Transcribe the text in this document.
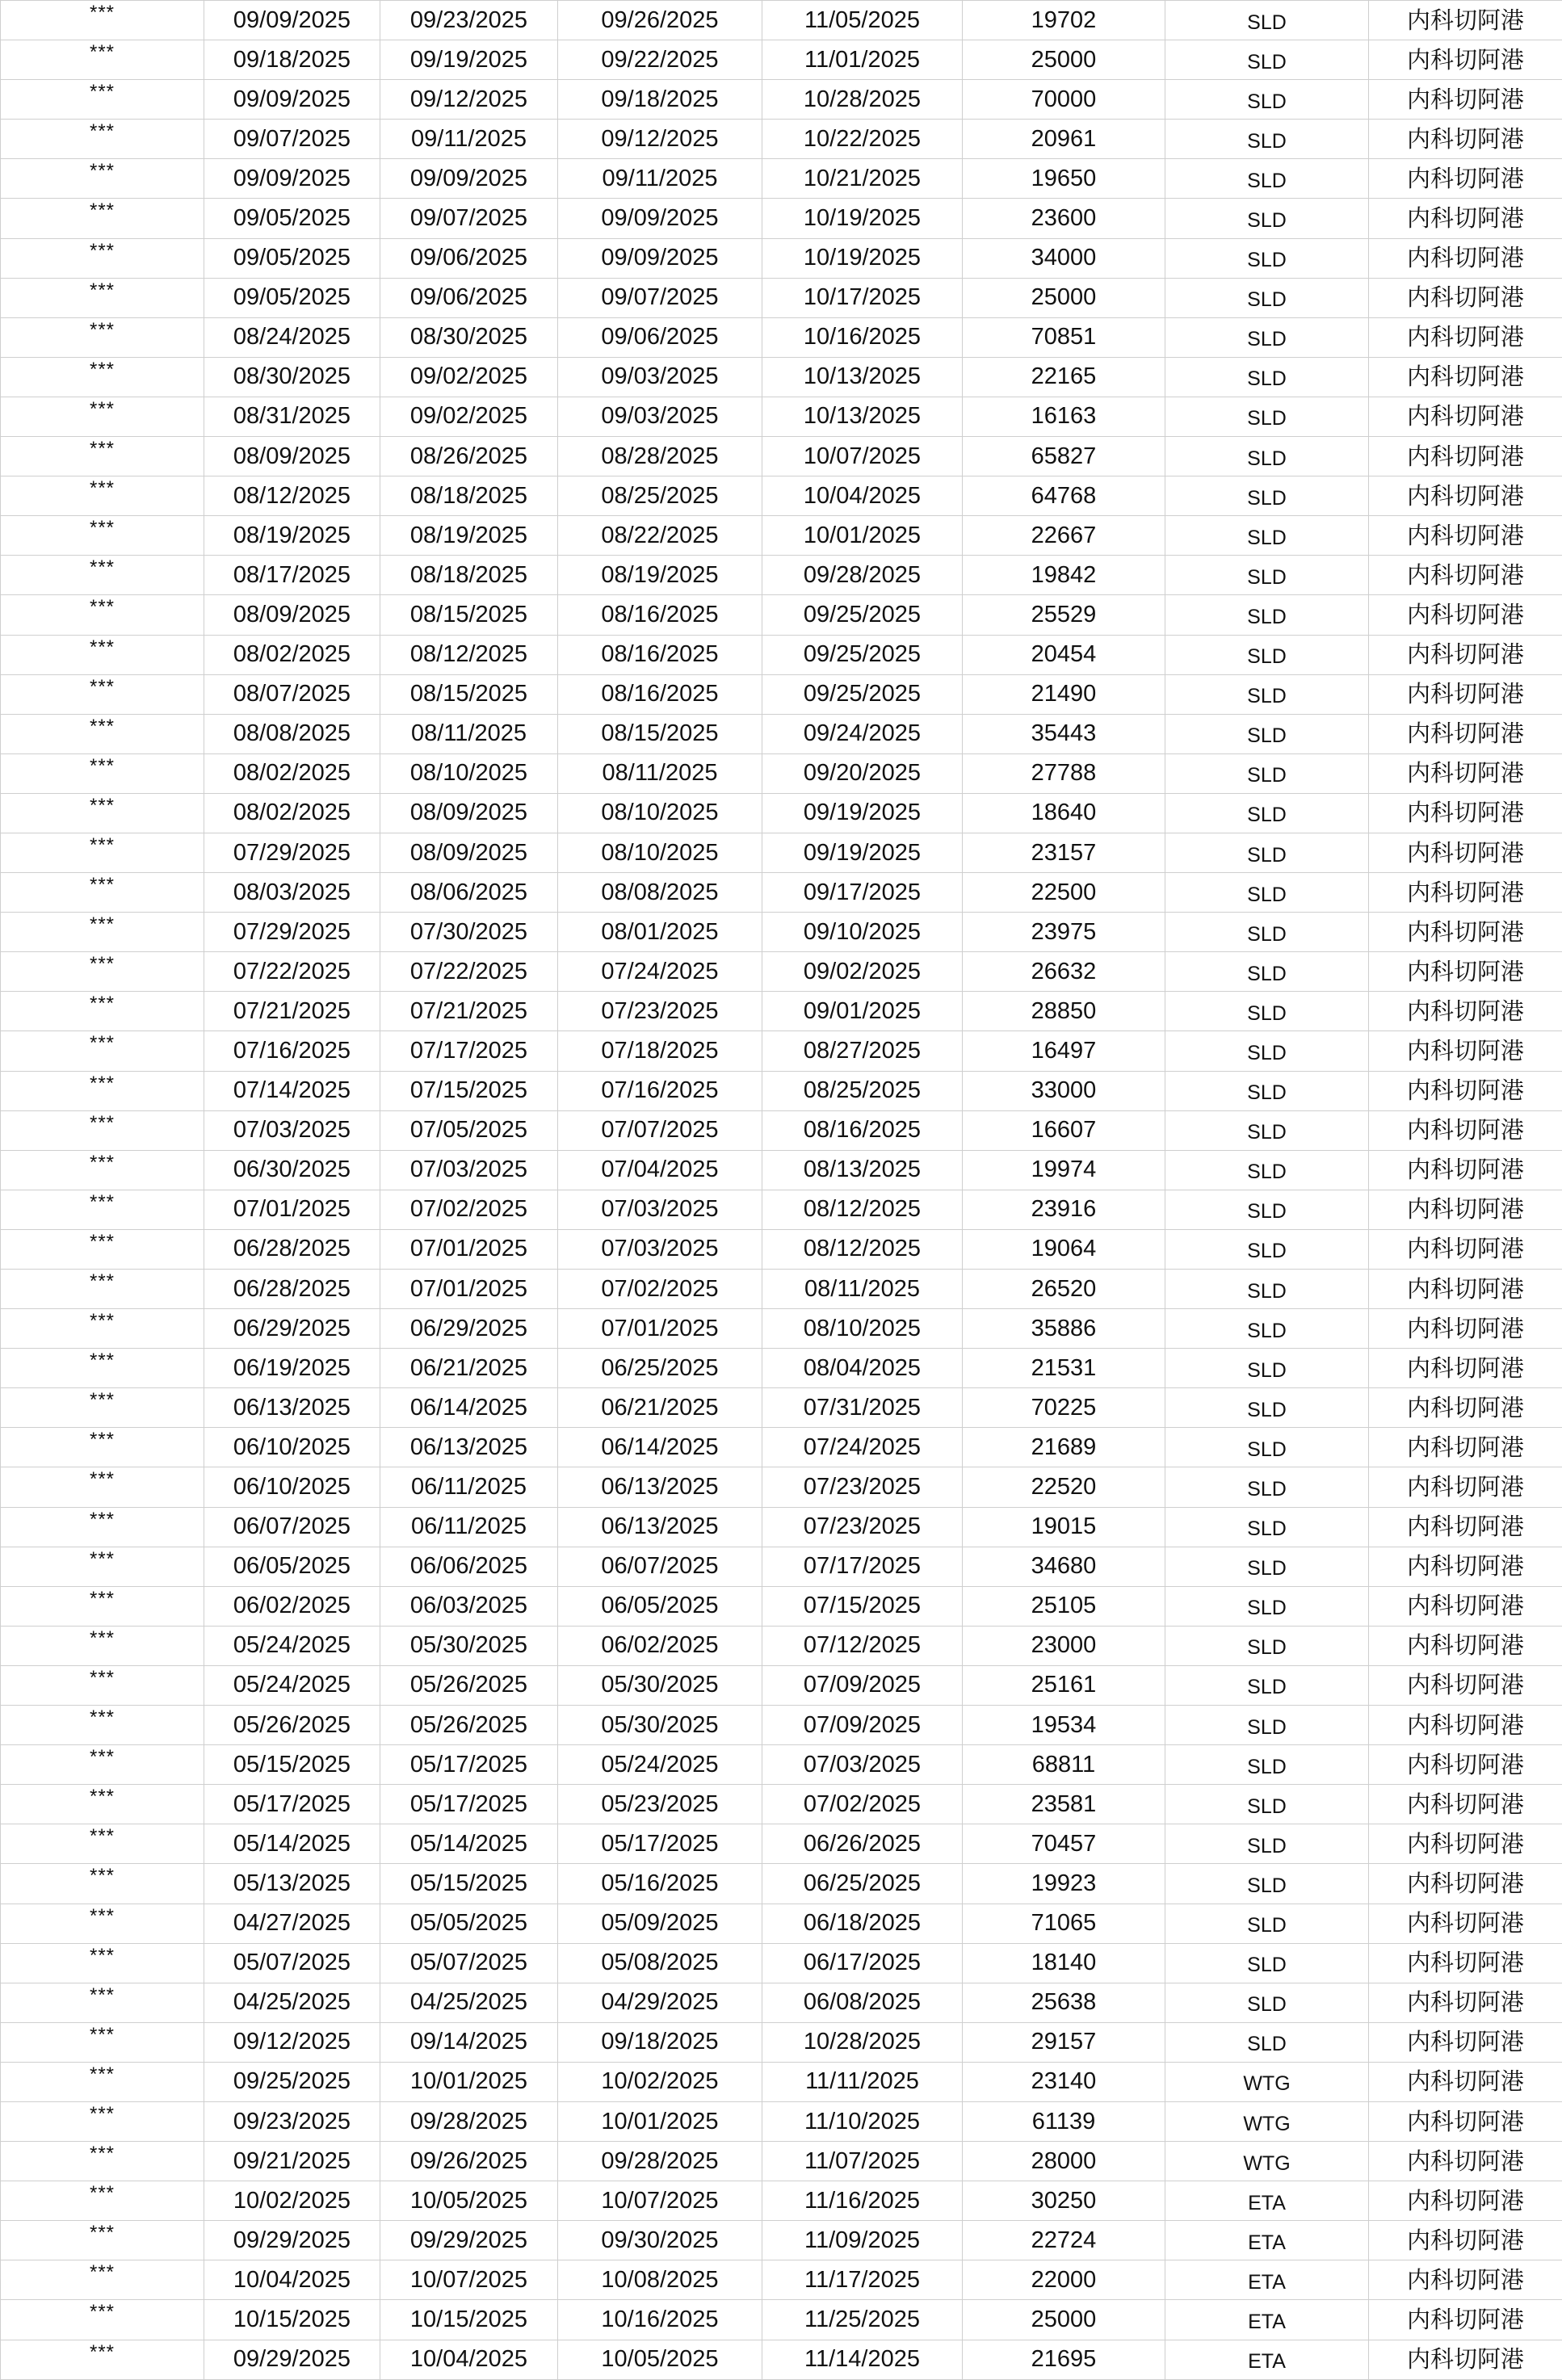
***	09/09/2025	09/23/2025	09/26/2025	11/05/2025	19702	SLD	内科切阿港
***	09/18/2025	09/19/2025	09/22/2025	11/01/2025	25000	SLD	内科切阿港
***	09/09/2025	09/12/2025	09/18/2025	10/28/2025	70000	SLD	内科切阿港
***	09/07/2025	09/11/2025	09/12/2025	10/22/2025	20961	SLD	内科切阿港
***	09/09/2025	09/09/2025	09/11/2025	10/21/2025	19650	SLD	内科切阿港
***	09/05/2025	09/07/2025	09/09/2025	10/19/2025	23600	SLD	内科切阿港
***	09/05/2025	09/06/2025	09/09/2025	10/19/2025	34000	SLD	内科切阿港
***	09/05/2025	09/06/2025	09/07/2025	10/17/2025	25000	SLD	内科切阿港
***	08/24/2025	08/30/2025	09/06/2025	10/16/2025	70851	SLD	内科切阿港
***	08/30/2025	09/02/2025	09/03/2025	10/13/2025	22165	SLD	内科切阿港
***	08/31/2025	09/02/2025	09/03/2025	10/13/2025	16163	SLD	内科切阿港
***	08/09/2025	08/26/2025	08/28/2025	10/07/2025	65827	SLD	内科切阿港
***	08/12/2025	08/18/2025	08/25/2025	10/04/2025	64768	SLD	内科切阿港
***	08/19/2025	08/19/2025	08/22/2025	10/01/2025	22667	SLD	内科切阿港
***	08/17/2025	08/18/2025	08/19/2025	09/28/2025	19842	SLD	内科切阿港
***	08/09/2025	08/15/2025	08/16/2025	09/25/2025	25529	SLD	内科切阿港
***	08/02/2025	08/12/2025	08/16/2025	09/25/2025	20454	SLD	内科切阿港
***	08/07/2025	08/15/2025	08/16/2025	09/25/2025	21490	SLD	内科切阿港
***	08/08/2025	08/11/2025	08/15/2025	09/24/2025	35443	SLD	内科切阿港
***	08/02/2025	08/10/2025	08/11/2025	09/20/2025	27788	SLD	内科切阿港
***	08/02/2025	08/09/2025	08/10/2025	09/19/2025	18640	SLD	内科切阿港
***	07/29/2025	08/09/2025	08/10/2025	09/19/2025	23157	SLD	内科切阿港
***	08/03/2025	08/06/2025	08/08/2025	09/17/2025	22500	SLD	内科切阿港
***	07/29/2025	07/30/2025	08/01/2025	09/10/2025	23975	SLD	内科切阿港
***	07/22/2025	07/22/2025	07/24/2025	09/02/2025	26632	SLD	内科切阿港
***	07/21/2025	07/21/2025	07/23/2025	09/01/2025	28850	SLD	内科切阿港
***	07/16/2025	07/17/2025	07/18/2025	08/27/2025	16497	SLD	内科切阿港
***	07/14/2025	07/15/2025	07/16/2025	08/25/2025	33000	SLD	内科切阿港
***	07/03/2025	07/05/2025	07/07/2025	08/16/2025	16607	SLD	内科切阿港
***	06/30/2025	07/03/2025	07/04/2025	08/13/2025	19974	SLD	内科切阿港
***	07/01/2025	07/02/2025	07/03/2025	08/12/2025	23916	SLD	内科切阿港
***	06/28/2025	07/01/2025	07/03/2025	08/12/2025	19064	SLD	内科切阿港
***	06/28/2025	07/01/2025	07/02/2025	08/11/2025	26520	SLD	内科切阿港
***	06/29/2025	06/29/2025	07/01/2025	08/10/2025	35886	SLD	内科切阿港
***	06/19/2025	06/21/2025	06/25/2025	08/04/2025	21531	SLD	内科切阿港
***	06/13/2025	06/14/2025	06/21/2025	07/31/2025	70225	SLD	内科切阿港
***	06/10/2025	06/13/2025	06/14/2025	07/24/2025	21689	SLD	内科切阿港
***	06/10/2025	06/11/2025	06/13/2025	07/23/2025	22520	SLD	内科切阿港
***	06/07/2025	06/11/2025	06/13/2025	07/23/2025	19015	SLD	内科切阿港
***	06/05/2025	06/06/2025	06/07/2025	07/17/2025	34680	SLD	内科切阿港
***	06/02/2025	06/03/2025	06/05/2025	07/15/2025	25105	SLD	内科切阿港
***	05/24/2025	05/30/2025	06/02/2025	07/12/2025	23000	SLD	内科切阿港
***	05/24/2025	05/26/2025	05/30/2025	07/09/2025	25161	SLD	内科切阿港
***	05/26/2025	05/26/2025	05/30/2025	07/09/2025	19534	SLD	内科切阿港
***	05/15/2025	05/17/2025	05/24/2025	07/03/2025	68811	SLD	内科切阿港
***	05/17/2025	05/17/2025	05/23/2025	07/02/2025	23581	SLD	内科切阿港
***	05/14/2025	05/14/2025	05/17/2025	06/26/2025	70457	SLD	内科切阿港
***	05/13/2025	05/15/2025	05/16/2025	06/25/2025	19923	SLD	内科切阿港
***	04/27/2025	05/05/2025	05/09/2025	06/18/2025	71065	SLD	内科切阿港
***	05/07/2025	05/07/2025	05/08/2025	06/17/2025	18140	SLD	内科切阿港
***	04/25/2025	04/25/2025	04/29/2025	06/08/2025	25638	SLD	内科切阿港
***	09/12/2025	09/14/2025	09/18/2025	10/28/2025	29157	SLD	内科切阿港
***	09/25/2025	10/01/2025	10/02/2025	11/11/2025	23140	WTG	内科切阿港
***	09/23/2025	09/28/2025	10/01/2025	11/10/2025	61139	WTG	内科切阿港
***	09/21/2025	09/26/2025	09/28/2025	11/07/2025	28000	WTG	内科切阿港
***	10/02/2025	10/05/2025	10/07/2025	11/16/2025	30250	ETA	内科切阿港
***	09/29/2025	09/29/2025	09/30/2025	11/09/2025	22724	ETA	内科切阿港
***	10/04/2025	10/07/2025	10/08/2025	11/17/2025	22000	ETA	内科切阿港
***	10/15/2025	10/15/2025	10/16/2025	11/25/2025	25000	ETA	内科切阿港
***	09/29/2025	10/04/2025	10/05/2025	11/14/2025	21695	ETA	内科切阿港
